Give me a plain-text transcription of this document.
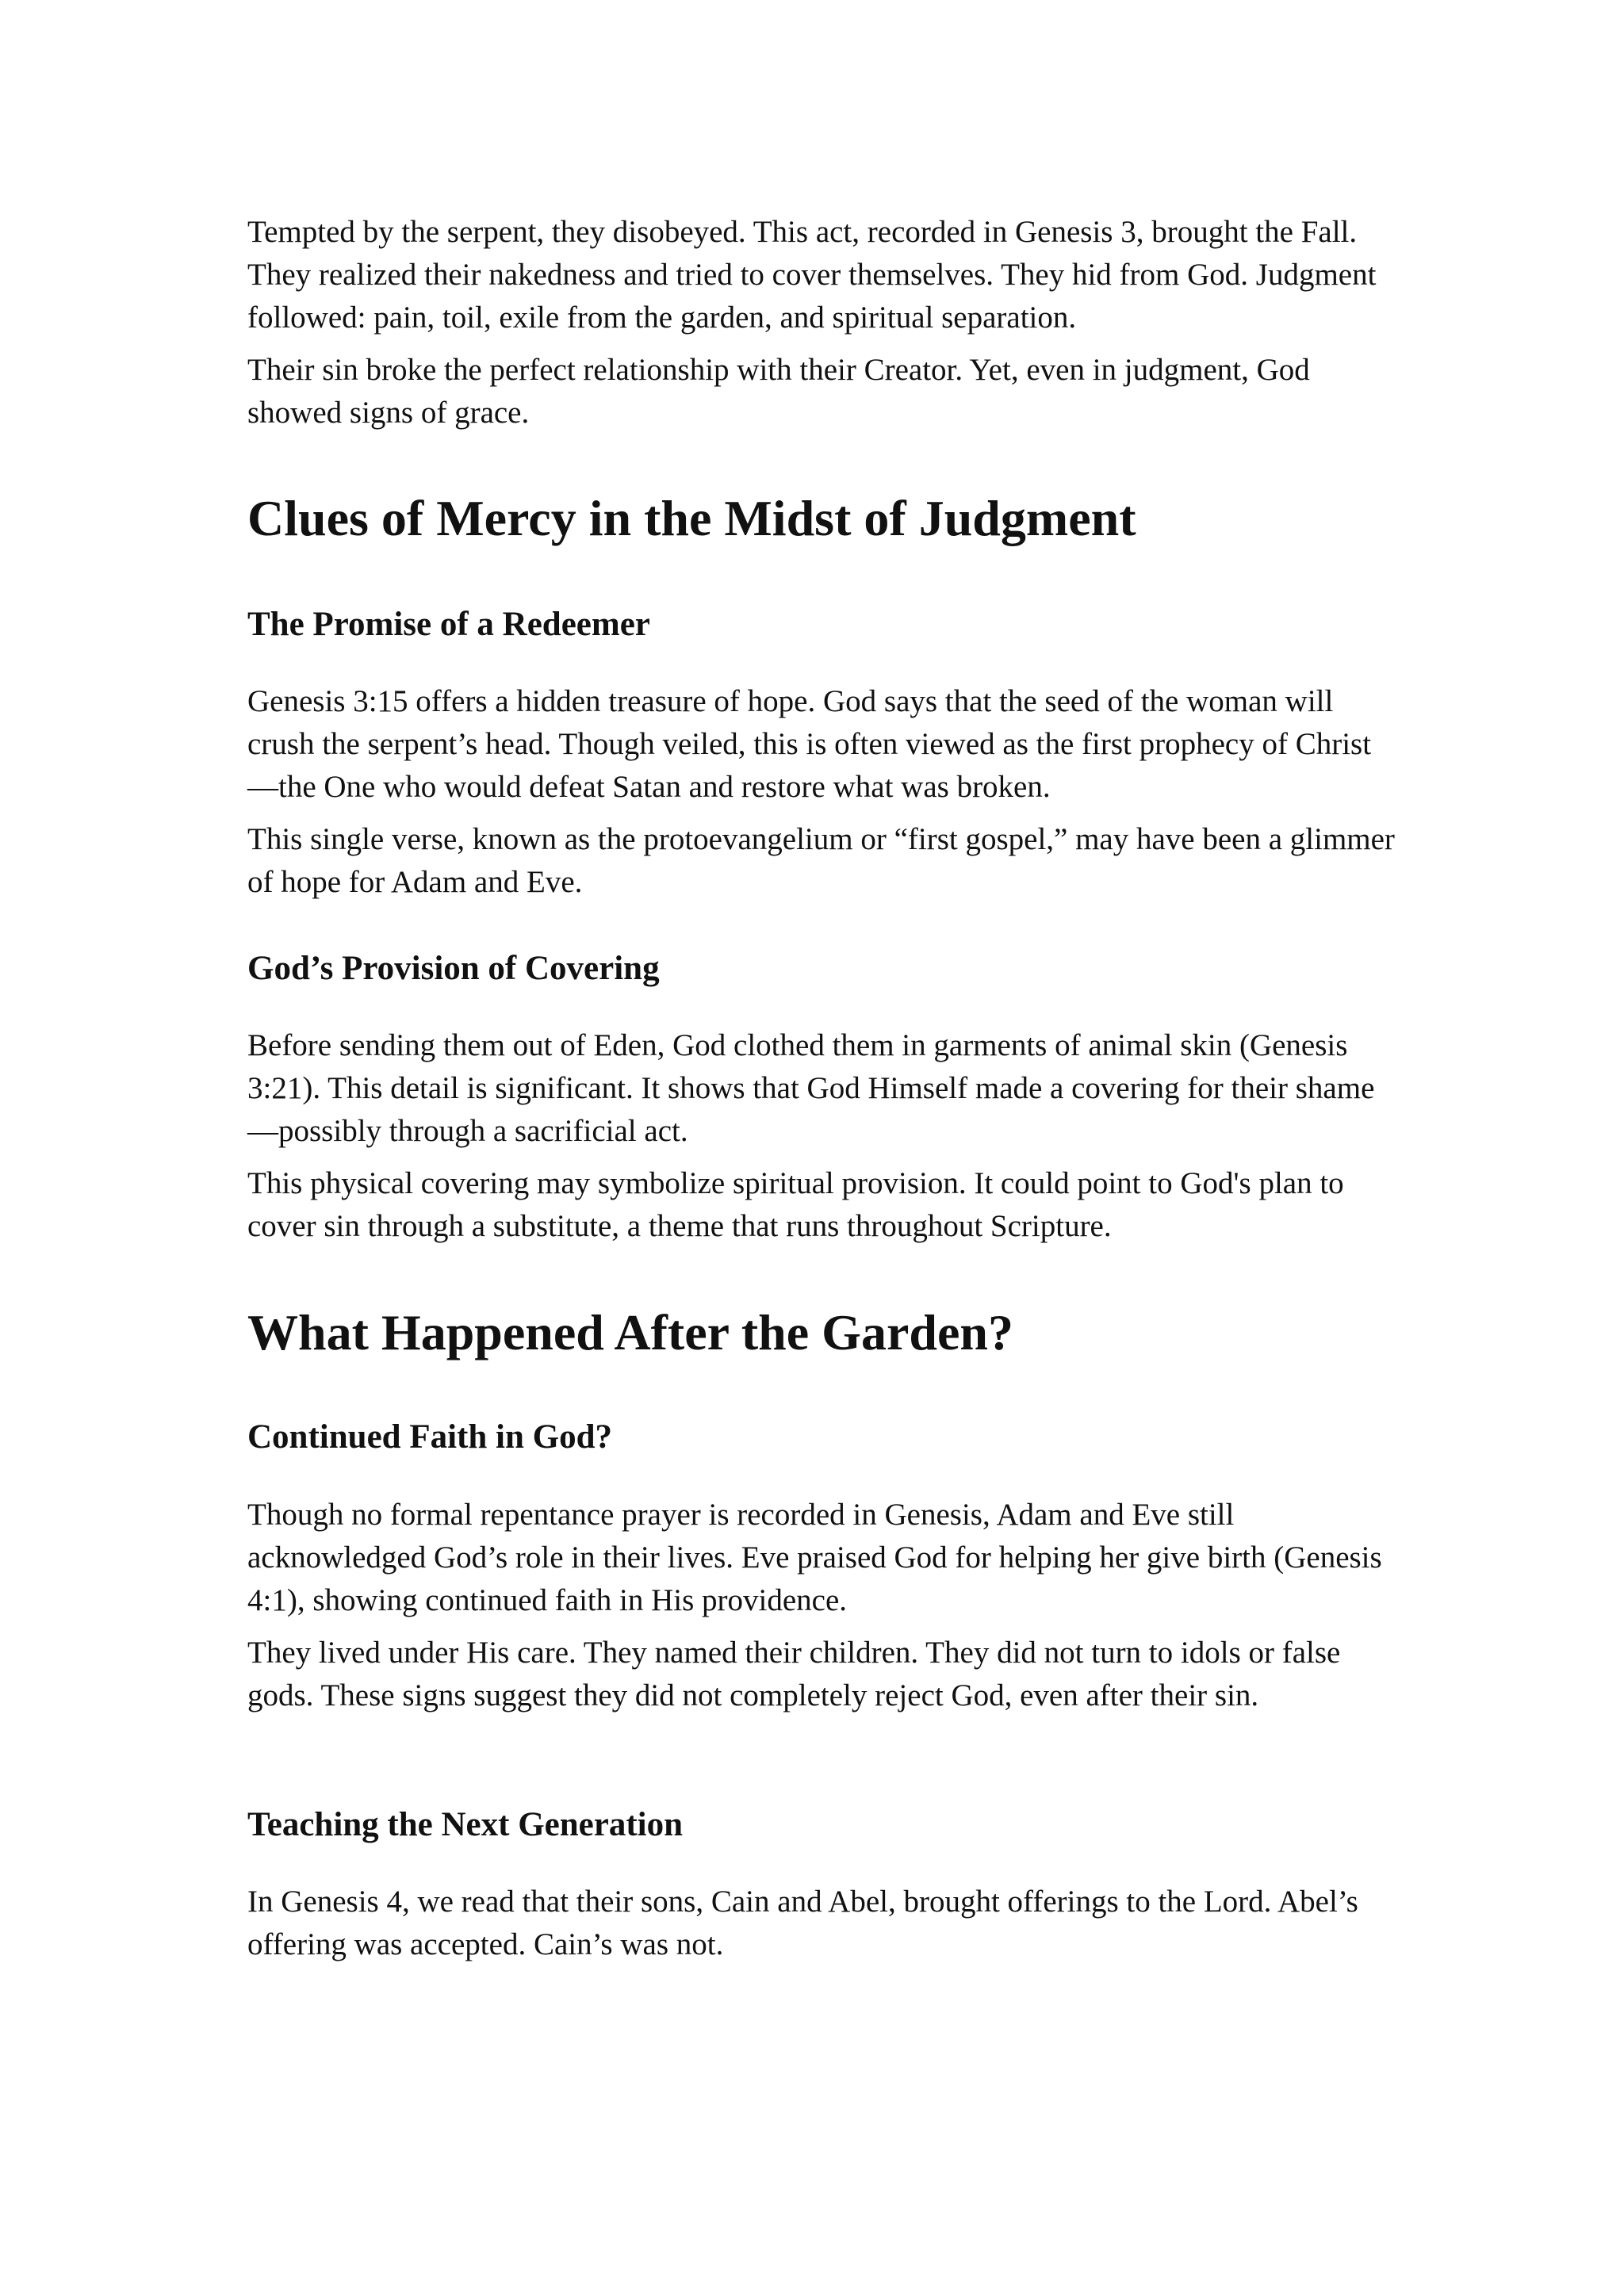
Tempted by the serpent, they disobeyed. This act, recorded in Genesis 3, brought the Fall. They realized their nakedness and tried to cover themselves. They hid from God. Judgment followed: pain, toil, exile from the garden, and spiritual separation.

Their sin broke the perfect relationship with their Creator. Yet, even in judgment, God showed signs of grace.

Clues of Mercy in the Midst of Judgment
The Promise of a Redeemer

Genesis 3:15 offers a hidden treasure of hope. God says that the seed of the woman will crush the serpent’s head. Though veiled, this is often viewed as the first prophecy of Christ—the One who would defeat Satan and restore what was broken.

This single verse, known as the protoevangelium or “first gospel,” may have been a glimmer of hope for Adam and Eve.

God’s Provision of Covering

Before sending them out of Eden, God clothed them in garments of animal skin (Genesis 3:21). This detail is significant. It shows that God Himself made a covering for their shame—possibly through a sacrificial act.

This physical covering may symbolize spiritual provision. It could point to God's plan to cover sin through a substitute, a theme that runs throughout Scripture.

What Happened After the Garden?
Continued Faith in God?

Though no formal repentance prayer is recorded in Genesis, Adam and Eve still acknowledged God’s role in their lives. Eve praised God for helping her give birth (Genesis 4:1), showing continued faith in His providence.

They lived under His care. They named their children. They did not turn to idols or false gods. These signs suggest they did not completely reject God, even after their sin.

Teaching the Next Generation

In Genesis 4, we read that their sons, Cain and Abel, brought offerings to the Lord. Abel’s offering was accepted. Cain’s was not.
